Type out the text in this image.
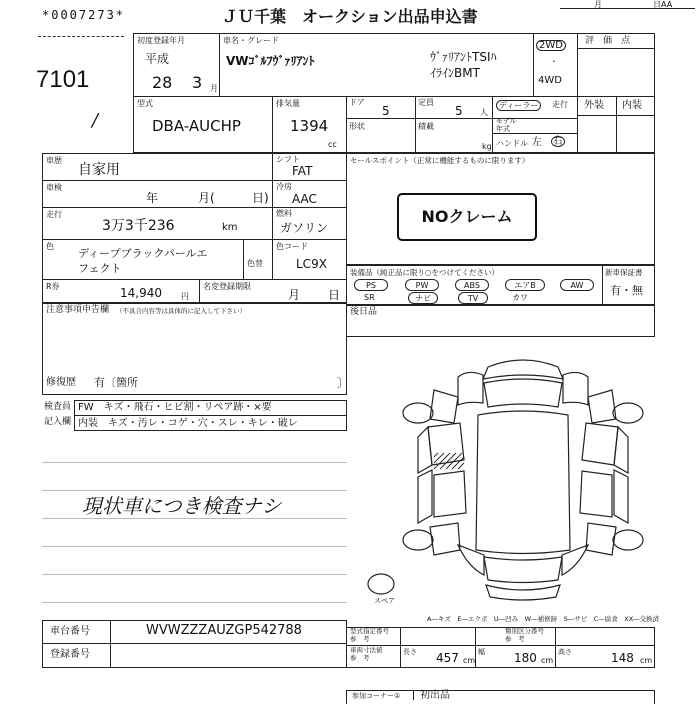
*0007273*	ＪＵ千葉　オークション出品申込書
月	日AA
7101
/
評　価　点
外装 内装
初度登録年月
平成
28 3 月
車名・グレード
VWｺﾞﾙﾌｳﾞｧﾘｱﾝﾄ	ｳﾞｧﾘｱﾝﾄTSIﾊ
ｲﾗｲﾝBMT
2WD
・
4WD
型式
DBA-AUCHP
排気量
1394
cc
ドア
5
定員
5 人
ディーラー	走行
形状	積載
kg
モデル
年式
ハンドル 左 右
車歴
自家用
シフト
FAT
車検
年	月(	日)
冷房
AAC
走行
3万3千236	km
燃料
ガソリン
色
ディープブラックパールエ
フェクト	色替
色コード
LC9X
R券	14,940 円
名変登録期限
月 日
セールスポイント（正常に機能するものに限ります）
NOクレーム
装備品（純正品に限り○をつけてください）
PS	PW	ABS	エアB	AW
SR	ナビ	TV	カワ
新車保証書
有・無
後日品
注意事項申告欄 （不具合内容等は具体的に記入して下さい）
修復歴 有〔箇所	〕
検査員
記入欄
FW　キズ・飛石・ヒビ割・リペア跡・×要
内装　キズ・汚レ・コゲ・穴・スレ・キレ・破レ
現状車につき検査ナシ
スペア
A―キズ　E―エクボ　U―凹み　W―補修跡　S―サビ　C―腐食　XX―交換済
車台番号	WVWZZZAUZGP542788
登録番号
型式指定番号
参　考
類別区分番号
参　考
車両寸法値
参　考
長さ 457 cm
幅 180 cm
高さ	148 cm
参加コーナー① 初出品
